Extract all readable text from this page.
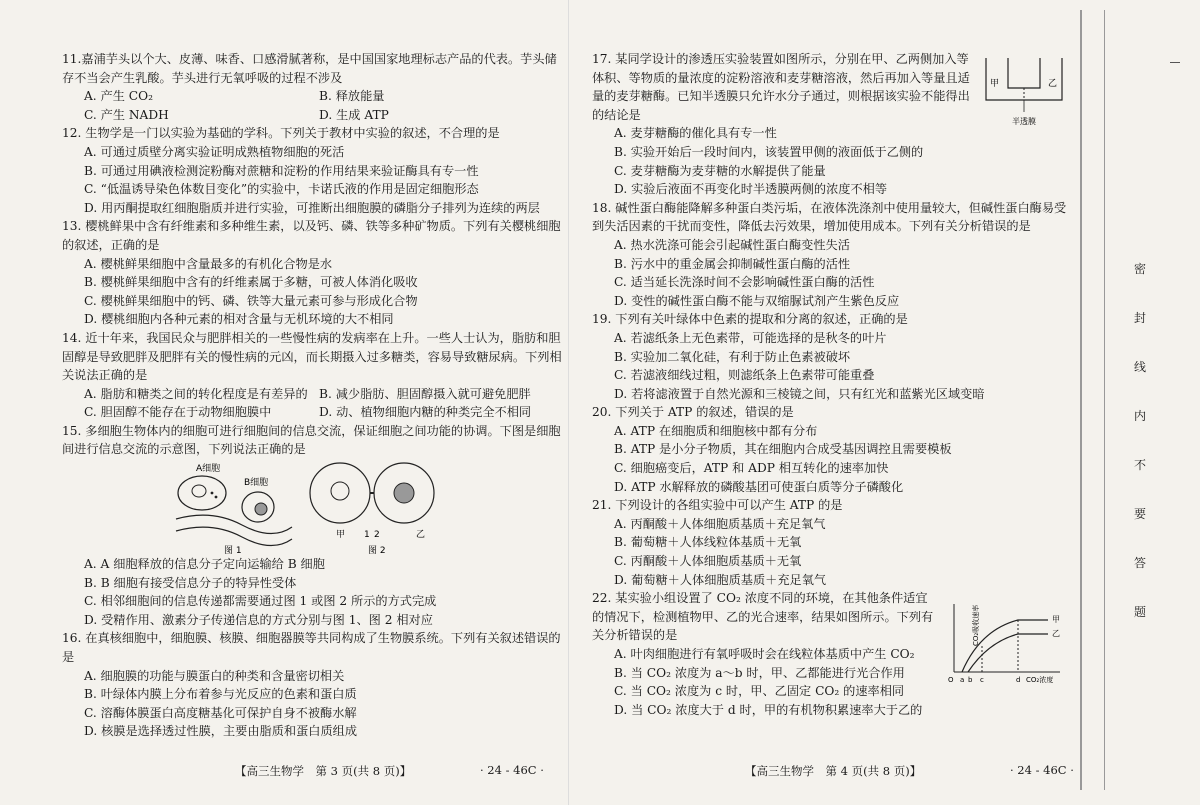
11.嘉浦芋头以个大、皮薄、味香、口感滑腻著称，是中国国家地理标志产品的代表。芋头储存不当会产生乳酸。芋头进行无氧呼吸的过程不涉及

A. 产生 CO₂	B. 释放能量
C. 产生 NADH	D. 生成 ATP

12. 生物学是一门以实验为基础的学科。下列关于教材中实验的叙述，不合理的是

A. 可通过质壁分离实验证明成熟植物细胞的死活

B. 可通过用碘液检测淀粉酶对蔗糖和淀粉的作用结果来验证酶具有专一性

C. “低温诱导染色体数目变化”的实验中，卡诺氏液的作用是固定细胞形态

D. 用丙酮提取红细胞脂质并进行实验，可推断出细胞膜的磷脂分子排列为连续的两层

13. 樱桃鲜果中含有纤维素和多种维生素，以及钙、磷、铁等多种矿物质。下列有关樱桃细胞的叙述，正确的是

A. 樱桃鲜果细胞中含量最多的有机化合物是水

B. 樱桃鲜果细胞中含有的纤维素属于多糖，可被人体消化吸收

C. 樱桃鲜果细胞中的钙、磷、铁等大量元素可参与形成化合物

D. 樱桃细胞内各种元素的相对含量与无机环境的大不相同

14. 近十年来，我国民众与肥胖相关的一些慢性病的发病率在上升。一些人士认为，脂肪和胆固醇是导致肥胖及肥胖有关的慢性病的元凶，而长期摄入过多糖类，容易导致糖尿病。下列相关说法正确的是

A. 脂肪和糖类之间的转化程度是有差异的 B. 减少脂肪、胆固醇摄入就可避免肥胖
C. 胆固醇不能存在于动物细胞膜中	D. 动、植物细胞内糖的种类完全不相同

15. 多细胞生物体内的细胞可进行细胞间的信息交流，保证细胞之间功能的协调。下图是细胞间进行信息交流的示意图，下列说法正确的是

A细胞
B细胞
图 1
甲 1 2	乙
图 2

A. A 细胞释放的信息分子定向运输给 B 细胞

B. B 细胞有接受信息分子的特异性受体

C. 相邻细胞间的信息传递都需要通过图 1 或图 2 所示的方式完成

D. 受精作用、激素分子传递信息的方式分别与图 1、图 2 相对应

16. 在真核细胞中，细胞膜、核膜、细胞器膜等共同构成了生物膜系统。下列有关叙述错误的是

A. 细胞膜的功能与膜蛋白的种类和含量密切相关

B. 叶绿体内膜上分布着参与光反应的色素和蛋白质

C. 溶酶体膜蛋白高度糖基化可保护自身不被酶水解

D. 核膜是选择透过性膜，主要由脂质和蛋白质组成

【高三生物学　第 3 页(共 8 页)】	· 24 - 46C ·
甲	乙
半透膜

17. 某同学设计的渗透压实验装置如图所示，分别在甲、乙两侧加入等体积、等物质的量浓度的淀粉溶液和麦芽糖溶液，然后再加入等量且适量的麦芽糖酶。已知半透膜只允许水分子通过，则根据该实验不能得出的结论是

A. 麦芽糖酶的催化具有专一性

B. 实验开始后一段时间内，该装置甲侧的液面低于乙侧的

C. 麦芽糖酶为麦芽糖的水解提供了能量

D. 实验后液面不再变化时半透膜两侧的浓度不相等

18. 碱性蛋白酶能降解多种蛋白类污垢，在液体洗涤剂中使用量较大，但碱性蛋白酶易受到失活因素的干扰而变性，降低去污效果，增加使用成本。下列有关分析错误的是

A. 热水洗涤可能会引起碱性蛋白酶变性失活

B. 污水中的重金属会抑制碱性蛋白酶的活性

C. 适当延长洗涤时间不会影响碱性蛋白酶的活性

D. 变性的碱性蛋白酶不能与双缩脲试剂产生紫色反应

19. 下列有关叶绿体中色素的提取和分离的叙述，正确的是

A. 若滤纸条上无色素带，可能选择的是秋冬的叶片

B. 实验加二氧化硅，有利于防止色素被破坏

C. 若滤液细线过粗，则滤纸条上色素带可能重叠

D. 若将滤液置于自然光源和三棱镜之间，只有红光和蓝紫光区域变暗

20. 下列关于 ATP 的叙述，错误的是

A. ATP 在细胞质和细胞核中都有分布

B. ATP 是小分子物质，其在细胞内合成受基因调控且需要模板

C. 细胞癌变后，ATP 和 ADP 相互转化的速率加快

D. ATP 水解释放的磷酸基团可使蛋白质等分子磷酸化

21. 下列设计的各组实验中可以产生 ATP 的是

A. 丙酮酸＋人体细胞质基质＋充足氧气

B. 葡萄糖＋人体线粒体基质＋无氧

C. 丙酮酸＋人体细胞质基质＋无氧

D. 葡萄糖＋人体细胞质基质＋充足氧气

22. 某实验小组设置了 CO₂ 浓度不同的环境，在其他条件适宜的情况下，检测植物甲、乙的光合速率，结果如图所示。下列有关分析错误的是

A. 叶肉细胞进行有氧呼吸时会在线粒体基质中产生 CO₂

B. 当 CO₂ 浓度为 a～b 时，甲、乙都能进行光合作用

C. 当 CO₂ 浓度为 c 时，甲、乙固定 CO₂ 的速率相同

D. 当 CO₂ 浓度大于 d 时，甲的有机物积累速率大于乙的

CO₂吸收速率	甲
乙
O a b c	d CO₂浓度
【高三生物学　第 4 页(共 8 页)】	· 24 - 46C ·
密
封
线
内
不
要
答
题
